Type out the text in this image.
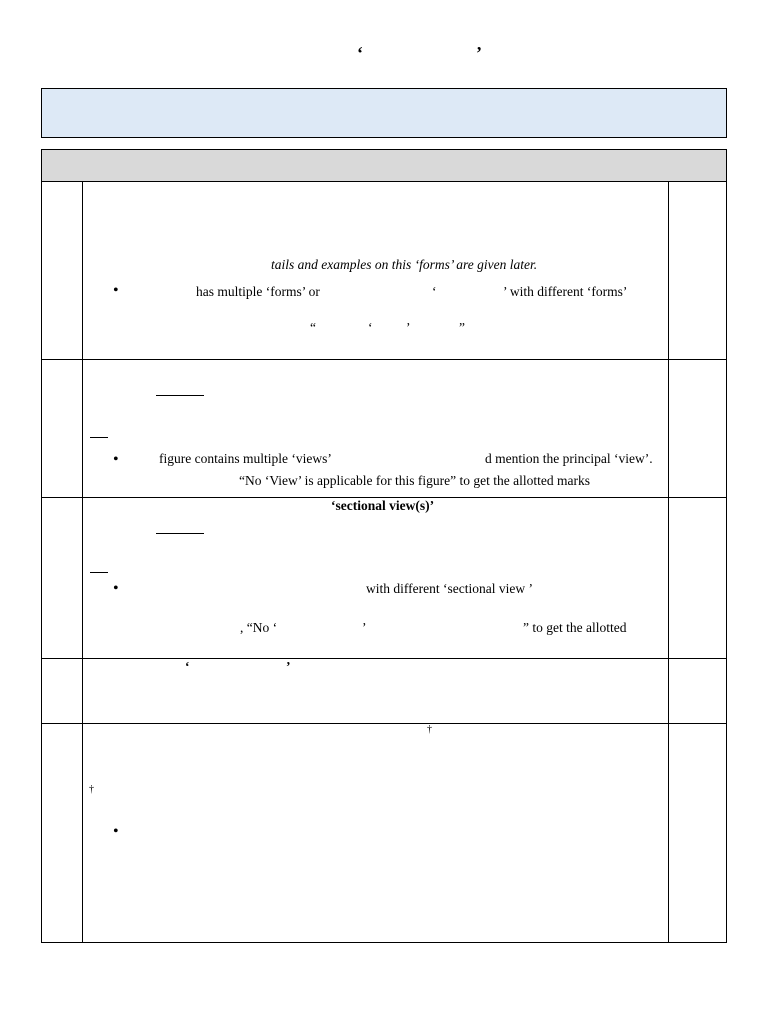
‘	’
tails and examples on this ‘forms’ are given later.
•	has multiple ‘forms’ or	‘	’ with different ‘forms’
“	‘ ’	”
•	figure contains multiple ‘views’	d mention the principal ‘view’.
“No ‘View’ is applicable for this figure” to get the allotted marks
‘sectional view(s)’
•	with different ‘sectional view ’
, “No ‘	’	” to get the allotted
‘	’
†
†
•
